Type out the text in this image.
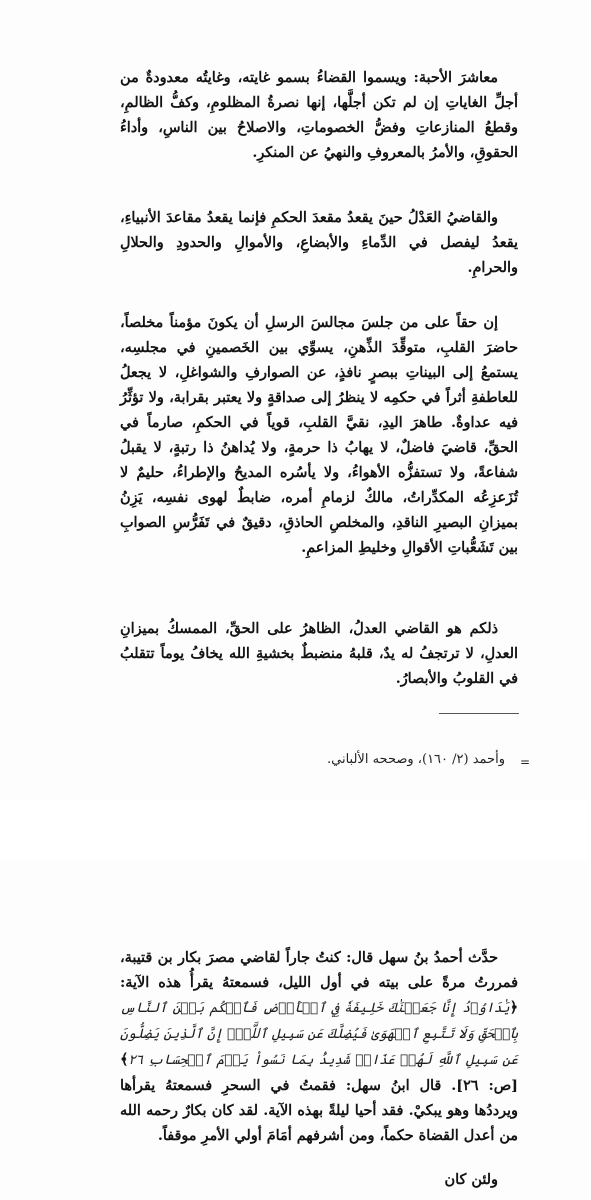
معاشرَ الأحبة: ويسموا القضاءُ بسمو غايته، وغايتُه معدودةٌ من أجلِّ الغاياتِ إن لم تكن أجلَّها، إنها نصرةُ المظلومِ، وكفُّ الظالمِ، وقطعُ المنازعاتِ وفضُّ الخصوماتِ، والاصلاحُ بين الناسِ، وأداءُ الحقوقِ، والأمرُ بالمعروفِ والنهيُ عن المنكرِ.

والقاضيُ العَدْلُ حينَ يقعدُ مقعدَ الحكمِ فإنما يقعدُ مقاعدَ الأنبياءِ، يقعدُ ليفصل في الدِّماءِ والأبضاعِ، والأموالِ والحدودِ والحلالِ والحرامِ.

إن حقاً على من جلسَ مجالسَ الرسلِ أن يكونَ مؤمناً مخلصاً، حاضرَ القلبِ، متوقِّدَ الذِّهنِ، يسوِّي بين الخَصمينِ في مجلسِه، يستمعُ إلى البيناتِ ببصرٍ نافذٍ، عن الصوارفِ والشواغلِ، لا يجعلُ للعاطفةِ أثراً في حكمِه لا ينظرُ إلى صداقةٍ ولا يعتبر بقرابة، ولا تؤثِّرُ فيه عداوةٌ. طاهرَ اليدِ، نقيَّ القلبِ، قوياً في الحكمِ، صارماً في الحقِّ، قاضيَ فاضلٌ، لا يهابُ ذا حرمةٍ، ولا يُداهنُ ذا رتبةٍ، لا يقبلُ شفاعةً، ولا تستفزُّه الأهواءُ، ولا يأسُره المديحُ والإطراءُ، حليمٌ لا تُزَعزِعُه المكدِّراتُ، مالكٌ لزمامِ أمره، ضابطٌ لهوى نفسِه، يَزِنُ بميزانِ البصيرِ الناقدِ، والمخلصِ الحاذقِ، دقيقٌ في تَفَرُّسِ الصوابِ بين تَشَعُّباتِ الأقوالِ وخليطِ المزاعمِ.

ذلكم هو القاضي العدلُ، الظاهرُ على الحقِّ، الممسكُ بميزانِ العدلِ، لا ترتجفُ له يدٌ، قلبهُ منضبطٌ بخشيةِ الله يخافُ يوماً تتقلبُ في القلوبُ والأبصارُ.

=
وأحمد (٢/ ١٦٠)، وصححه الألباني.

حدَّث أحمدُ بنُ سهل قال: كنتُ جاراً لقاضي مصرَ بكار بن قتيبة، فمررتُ مرةً على بيته في أول الليل، فسمعتهُ يقرأُ هذه الآية: ﴿يَٰدَاوُۥدُ إِنَّا جَعَلۡنَٰكَ خَلِيفَةٗ فِي ٱلۡأَرۡضِ فَٱحۡكُم بَيۡنَ ٱلنَّاسِ بِٱلۡحَقِّ وَلَا تَتَّبِعِ ٱلۡهَوَىٰ فَيُضِلَّكَ عَن سَبِيلِ ٱللَّهِۚ إِنَّ ٱلَّذِينَ يَضِلُّونَ عَن سَبِيلِ ٱللَّهِ لَهُمۡ عَذَابٞ شَدِيدُۢ بِمَا نَسُواْ يَوۡمَ ٱلۡحِسَابِ ٢٦﴾ [ص: ٢٦]. قال ابنُ سهل: فقمتُ في السحرِ فسمعتهُ يقرأها ويرددُها وهو يبكيْ. فقد أحيا ليلةً بهذه الآية. لقد كان بكارٌ رحمه الله من أعدل القضاة حكماً، ومن أشرفهم أمَامَ أولي الأمرِ موقفاً.

ولئن كان
